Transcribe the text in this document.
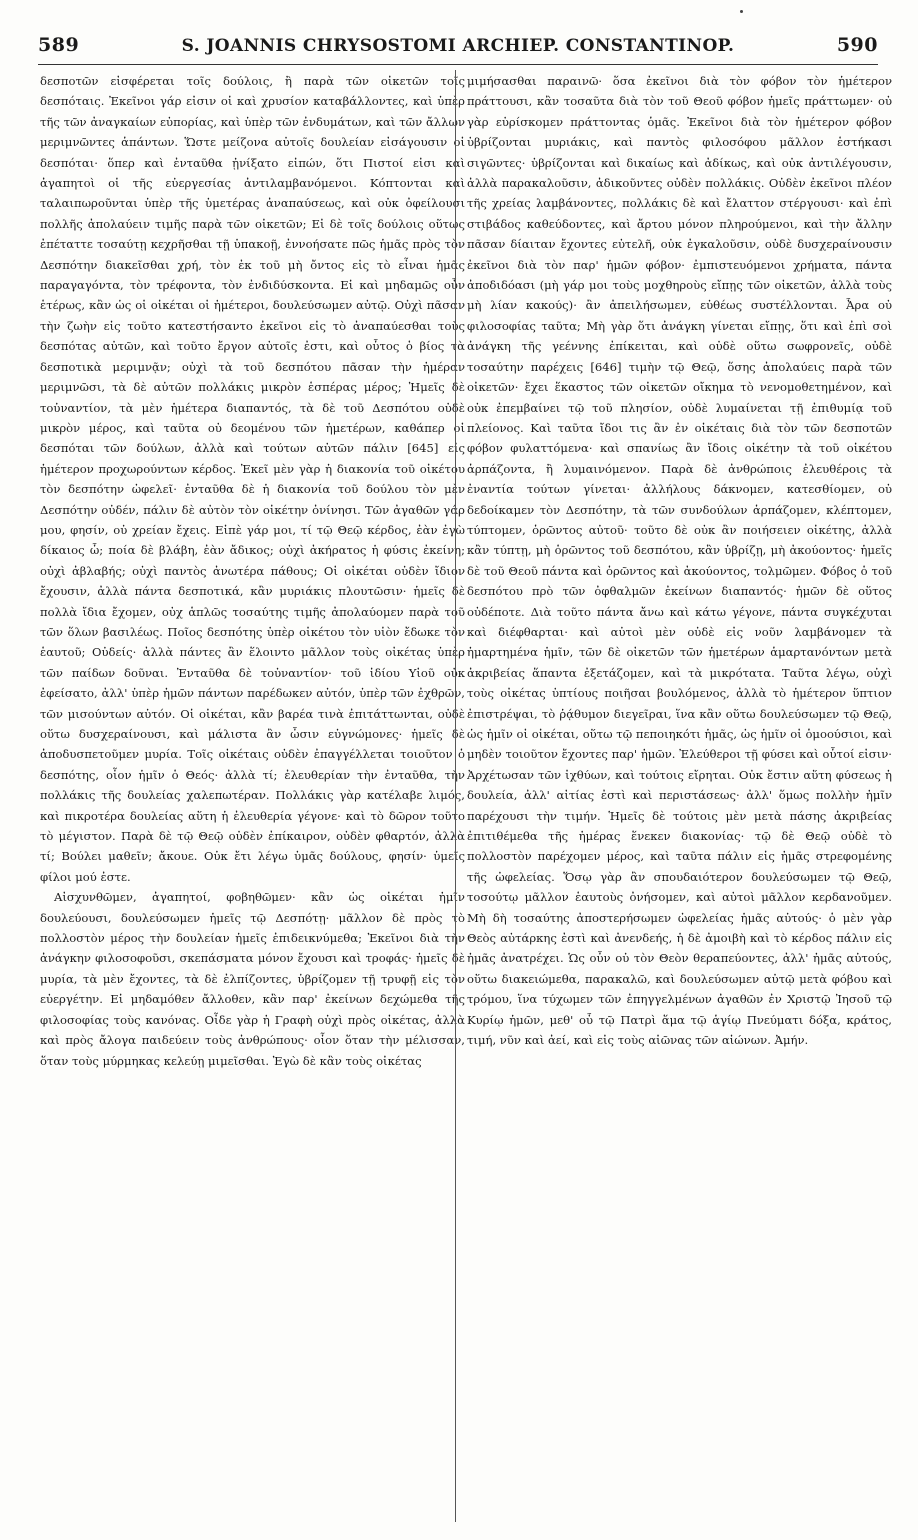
589	S. JOANNIS CHRYSOSTOMI ARCHIEP. CONSTANTINOP.	590

δεσποτῶν εἰσφέρεται τοῖς δούλοις, ἢ παρὰ τῶν οἰκετῶν τοῖς δεσπόταις. Ἐκεῖνοι γάρ εἰσιν οἱ καὶ χρυσίον καταβάλλοντες, καὶ ὑπὲρ τῆς τῶν ἀναγκαίων εὐπορίας, καὶ ὑπὲρ τῶν ἐνδυμάτων, καὶ τῶν ἄλλων μεριμνῶντες ἁπάντων. Ὥστε μείζονα αὐτοῖς δουλείαν εἰσάγουσιν οἱ δεσπόται· ὅπερ καὶ ἐνταῦθα ᾐνίξατο εἰπών, ὅτι Πιστοί εἰσι καὶ ἀγαπητοὶ οἱ τῆς εὐεργεσίας ἀντιλαμβανόμενοι. Κόπτονται καὶ ταλαιπωροῦνται ὑπὲρ τῆς ὑμετέρας ἀναπαύσεως, καὶ οὐκ ὀφείλουσι πολλῆς ἀπολαύειν τιμῆς παρὰ τῶν οἰκετῶν; Εἰ δὲ τοῖς δούλοις οὕτως ἐπέταττε τοσαύτῃ κεχρῆσθαι τῇ ὑπακοῇ, ἐννοήσατε πῶς ἡμᾶς πρὸς τὸν Δεσπότην διακεῖσθαι χρή, τὸν ἐκ τοῦ μὴ ὄντος εἰς τὸ εἶναι ἡμᾶς παραγαγόντα, τὸν τρέφοντα, τὸν ἐνδιδύσκοντα. Εἰ καὶ μηδαμῶς οὖν ἑτέρως, κἂν ὡς οἱ οἰκέται οἱ ἡμέτεροι, δουλεύσωμεν αὐτῷ. Οὐχὶ πᾶσαν τὴν ζωὴν εἰς τοῦτο κατεστήσαντο ἐκεῖνοι εἰς τὸ ἀναπαύεσθαι τοὺς δεσπότας αὐτῶν, καὶ τοῦτο ἔργον αὐτοῖς ἐστι, καὶ οὗτος ὁ βίος τὰ δεσποτικὰ μεριμνᾷν; οὐχὶ τὰ τοῦ δεσπότου πᾶσαν τὴν ἡμέραν μεριμνῶσι, τὰ δὲ αὐτῶν πολλάκις μικρὸν ἑσπέρας μέρος; Ἡμεῖς δὲ τοὐναντίον, τὰ μὲν ἡμέτερα διαπαντός, τὰ δὲ τοῦ Δεσπότου οὐδὲ μικρὸν μέρος, καὶ ταῦτα οὐ δεομένου τῶν ἡμετέρων, καθάπερ οἱ δεσπόται τῶν δούλων, ἀλλὰ καὶ τούτων αὐτῶν πάλιν [645] εἰς ἡμέτερον προχωρούντων κέρδος. Ἐκεῖ μὲν γὰρ ἡ διακονία τοῦ οἰκέτου τὸν δεσπότην ὠφελεῖ· ἐνταῦθα δὲ ἡ διακονία τοῦ δούλου τὸν μὲν Δεσπότην οὐδέν, πάλιν δὲ αὐτὸν τὸν οἰκέτην ὀνίνησι. Τῶν ἀγαθῶν γάρ μου, φησίν, οὐ χρείαν ἔχεις. Εἰπὲ γάρ μοι, τί τῷ Θεῷ κέρδος, ἐὰν ἐγὼ δίκαιος ὦ; ποία δὲ βλάβη, ἐὰν ἄδικος; οὐχὶ ἀκήρατος ἡ φύσις ἐκείνη; οὐχὶ ἀβλαβής; οὐχὶ παντὸς ἀνωτέρα πάθους; Οἱ οἰκέται οὐδὲν ἴδιον ἔχουσιν, ἀλλὰ πάντα δεσποτικά, κἂν μυριάκις πλουτῶσιν· ἡμεῖς δὲ πολλὰ ἴδια ἔχομεν, οὐχ ἁπλῶς τοσαύτης τιμῆς ἀπολαύομεν παρὰ τοῦ τῶν ὅλων βασιλέως. Ποῖος δεσπότης ὑπὲρ οἰκέτου τὸν υἱὸν ἔδωκε τὸν ἑαυτοῦ; Οὐδείς· ἀλλὰ πάντες ἂν ἕλοιντο μᾶλλον τοὺς οἰκέτας ὑπὲρ τῶν παίδων δοῦναι. Ἐνταῦθα δὲ τοὐναντίον· τοῦ ἰδίου Υἱοῦ οὐκ ἐφείσατο, ἀλλ' ὑπὲρ ἡμῶν πάντων παρέδωκεν αὐτόν, ὑπὲρ τῶν ἐχθρῶν, τῶν μισούντων αὐτόν. Οἱ οἰκέται, κἂν βαρέα τινὰ ἐπιτάττωνται, οὐδὲ οὕτω δυσχεραίνουσι, καὶ μάλιστα ἂν ὦσιν εὐγνώμονες· ἡμεῖς δὲ ἀποδυσπετοῦμεν μυρία. Τοῖς οἰκέταις οὐδὲν ἐπαγγέλλεται τοιοῦτον ὁ δεσπότης, οἷον ἡμῖν ὁ Θεός· ἀλλὰ τί; ἐλευθερίαν τὴν ἐνταῦθα, τὴν πολλάκις τῆς δουλείας χαλεπωτέραν. Πολλάκις γὰρ κατέλαβε λιμός, καὶ πικροτέρα δουλείας αὕτη ἡ ἐλευθερία γέγονε· καὶ τὸ δῶρον τοῦτο τὸ μέγιστον. Παρὰ δὲ τῷ Θεῷ οὐδὲν ἐπίκαιρον, οὐδὲν φθαρτόν, ἀλλὰ τί; Βούλει μαθεῖν; ἄκουε. Οὐκ ἔτι λέγω ὑμᾶς δούλους, φησίν· ὑμεῖς φίλοι μού ἐστε.

Αἰσχυνθῶμεν, ἀγαπητοί, φοβηθῶμεν· κἂν ὡς οἰκέται ἡμῖν δουλεύουσι, δουλεύσωμεν ἡμεῖς τῷ Δεσπότῃ· μᾶλλον δὲ πρὸς τὸ πολλοστὸν μέρος τὴν δουλείαν ἡμεῖς ἐπιδεικνύμεθα; Ἐκεῖνοι διὰ τὴν ἀνάγκην φιλοσοφοῦσι, σκεπάσματα μόνον ἔχουσι καὶ τροφάς· ἡμεῖς δὲ μυρία, τὰ μὲν ἔχοντες, τὰ δὲ ἐλπίζοντες, ὑβρίζομεν τῇ τρυφῇ εἰς τὸν εὐεργέτην. Εἰ μηδαμόθεν ἄλλοθεν, κἂν παρ' ἐκείνων δεχώμεθα τῆς φιλοσοφίας τοὺς κανόνας. Οἶδε γὰρ ἡ Γραφὴ οὐχὶ πρὸς οἰκέτας, ἀλλὰ καὶ πρὸς ἄλογα παιδεύειν τοὺς ἀνθρώπους· οἷον ὅταν τὴν μέλισσαν, ὅταν τοὺς μύρμηκας κελεύῃ μιμεῖσθαι. Ἐγὼ δὲ κἂν τοὺς οἰκέτας

μιμήσασθαι παραινῶ· ὅσα ἐκεῖνοι διὰ τὸν φόβον τὸν ἡμέτερον πράττουσι, κἂν τοσαῦτα διὰ τὸν τοῦ Θεοῦ φόβον ἡμεῖς πράττωμεν· οὐ γὰρ εὑρίσκομεν πράττοντας ὁμᾶς. Ἐκεῖνοι διὰ τὸν ἡμέτερον φόβον ὑβρίζονται μυριάκις, καὶ παντὸς φιλοσόφου μᾶλλον ἑστήκασι σιγῶντες· ὑβρίζονται καὶ δικαίως καὶ ἀδίκως, καὶ οὐκ ἀντιλέγουσιν, ἀλλὰ παρακαλοῦσιν, ἀδικοῦντες οὐδὲν πολλάκις. Οὐδὲν ἐκεῖνοι πλέον τῆς χρείας λαμβάνοντες, πολλάκις δὲ καὶ ἔλαττον στέργουσι· καὶ ἐπὶ στιβάδος καθεύδοντες, καὶ ἄρτου μόνον πληρούμενοι, καὶ τὴν ἄλλην πᾶσαν δίαιταν ἔχοντες εὐτελῆ, οὐκ ἐγκαλοῦσιν, οὐδὲ δυσχεραίνουσιν ἐκεῖνοι διὰ τὸν παρ' ἡμῶν φόβον· ἐμπιστευόμενοι χρήματα, πάντα ἀποδιδόασι (μὴ γάρ μοι τοὺς μοχθηροὺς εἴπῃς τῶν οἰκετῶν, ἀλλὰ τοὺς μὴ λίαν κακούς)· ἂν ἀπειλήσωμεν, εὐθέως συστέλλονται. Ἆρα οὐ φιλοσοφίας ταῦτα; Μὴ γὰρ ὅτι ἀνάγκη γίνεται εἴπῃς, ὅτι καὶ ἐπὶ σοὶ ἀνάγκη τῆς γεέννης ἐπίκειται, καὶ οὐδὲ οὕτω σωφρονεῖς, οὐδὲ τοσαύτην παρέχεις [646] τιμὴν τῷ Θεῷ, ὅσης ἀπολαύεις παρὰ τῶν οἰκετῶν· ἔχει ἕκαστος τῶν οἰκετῶν οἴκημα τὸ νενομοθετημένον, καὶ οὐκ ἐπεμβαίνει τῷ τοῦ πλησίον, οὐδὲ λυμαίνεται τῇ ἐπιθυμίᾳ τοῦ πλείονος. Καὶ ταῦτα ἴδοι τις ἂν ἐν οἰκέταις διὰ τὸν τῶν δεσποτῶν φόβον φυλαττόμενα· καὶ σπανίως ἂν ἴδοις οἰκέτην τὰ τοῦ οἰκέτου ἁρπάζοντα, ἢ λυμαινόμενον. Παρὰ δὲ ἀνθρώποις ἐλευθέροις τὰ ἐναντία τούτων γίνεται· ἀλλήλους δάκνομεν, κατεσθίομεν, οὐ δεδοίκαμεν τὸν Δεσπότην, τὰ τῶν συνδούλων ἁρπάζομεν, κλέπτομεν, τύπτομεν, ὁρῶντος αὐτοῦ· τοῦτο δὲ οὐκ ἂν ποιήσειεν οἰκέτης, ἀλλὰ κἂν τύπτῃ, μὴ ὁρῶντος τοῦ δεσπότου, κἂν ὑβρίζῃ, μὴ ἀκούοντος· ἡμεῖς δὲ τοῦ Θεοῦ πάντα καὶ ὁρῶντος καὶ ἀκούοντος, τολμῶμεν. Φόβος ὁ τοῦ δεσπότου πρὸ τῶν ὀφθαλμῶν ἐκείνων διαπαντός· ἡμῶν δὲ οὕτος οὐδέποτε. Διὰ τοῦτο πάντα ἄνω καὶ κάτω γέγονε, πάντα συγκέχυται καὶ διέφθαρται· καὶ αὐτοὶ μὲν οὐδὲ εἰς νοῦν λαμβάνομεν τὰ ἡμαρτημένα ἡμῖν, τῶν δὲ οἰκετῶν τῶν ἡμετέρων ἁμαρτανόντων μετὰ ἀκριβείας ἅπαντα ἐξετάζομεν, καὶ τὰ μικρότατα. Ταῦτα λέγω, οὐχὶ τοὺς οἰκέτας ὑπτίους ποιῆσαι βουλόμενος, ἀλλὰ τὸ ἡμέτερον ὕπτιον ἐπιστρέψαι, τὸ ῥᾴθυμον διεγεῖραι, ἵνα κἂν οὕτω δουλεύσωμεν τῷ Θεῷ, ὡς ἡμῖν οἱ οἰκέται, οὕτω τῷ πεποιηκότι ἡμᾶς, ὡς ἡμῖν οἱ ὁμοούσιοι, καὶ μηδὲν τοιοῦτον ἔχοντες παρ' ἡμῶν. Ἐλεύθεροι τῇ φύσει καὶ οὗτοί εἰσιν· Ἀρχέτωσαν τῶν ἰχθύων, καὶ τούτοις εἴρηται. Οὐκ ἔστιν αὕτη φύσεως ἡ δουλεία, ἀλλ' αἰτίας ἐστὶ καὶ περιστάσεως· ἀλλ' ὅμως πολλὴν ἡμῖν παρέχουσι τὴν τιμήν. Ἡμεῖς δὲ τούτοις μὲν μετὰ πάσης ἀκριβείας ἐπιτιθέμεθα τῆς ἡμέρας ἕνεκεν διακονίας· τῷ δὲ Θεῷ οὐδὲ τὸ πολλοστὸν παρέχομεν μέρος, καὶ ταῦτα πάλιν εἰς ἡμᾶς στρεφομένης τῆς ὠφελείας. Ὅσῳ γὰρ ἂν σπουδαιότερον δουλεύσωμεν τῷ Θεῷ, τοσούτῳ μᾶλλον ἑαυτοὺς ὀνήσομεν, καὶ αὐτοὶ μᾶλλον κερδανοῦμεν. Μὴ δὴ τοσαύτης ἀποστερήσωμεν ὠφελείας ἡμᾶς αὐτούς· ὁ μὲν γὰρ Θεὸς αὐτάρκης ἐστὶ καὶ ἀνενδεής, ἡ δὲ ἀμοιβὴ καὶ τὸ κέρδος πάλιν εἰς ἡμᾶς ἀνατρέχει. Ὡς οὖν οὐ τὸν Θεὸν θεραπεύοντες, ἀλλ' ἡμᾶς αὐτούς, οὕτω διακειώμεθα, παρακαλῶ, καὶ δουλεύσωμεν αὐτῷ μετὰ φόβου καὶ τρόμου, ἵνα τύχωμεν τῶν ἐπηγγελμένων ἀγαθῶν ἐν Χριστῷ Ἰησοῦ τῷ Κυρίῳ ἡμῶν, μεθ' οὗ τῷ Πατρὶ ἅμα τῷ ἁγίῳ Πνεύματι δόξα, κράτος, τιμή, νῦν καὶ ἀεί, καὶ εἰς τοὺς αἰῶνας τῶν αἰώνων. Ἀμήν.
